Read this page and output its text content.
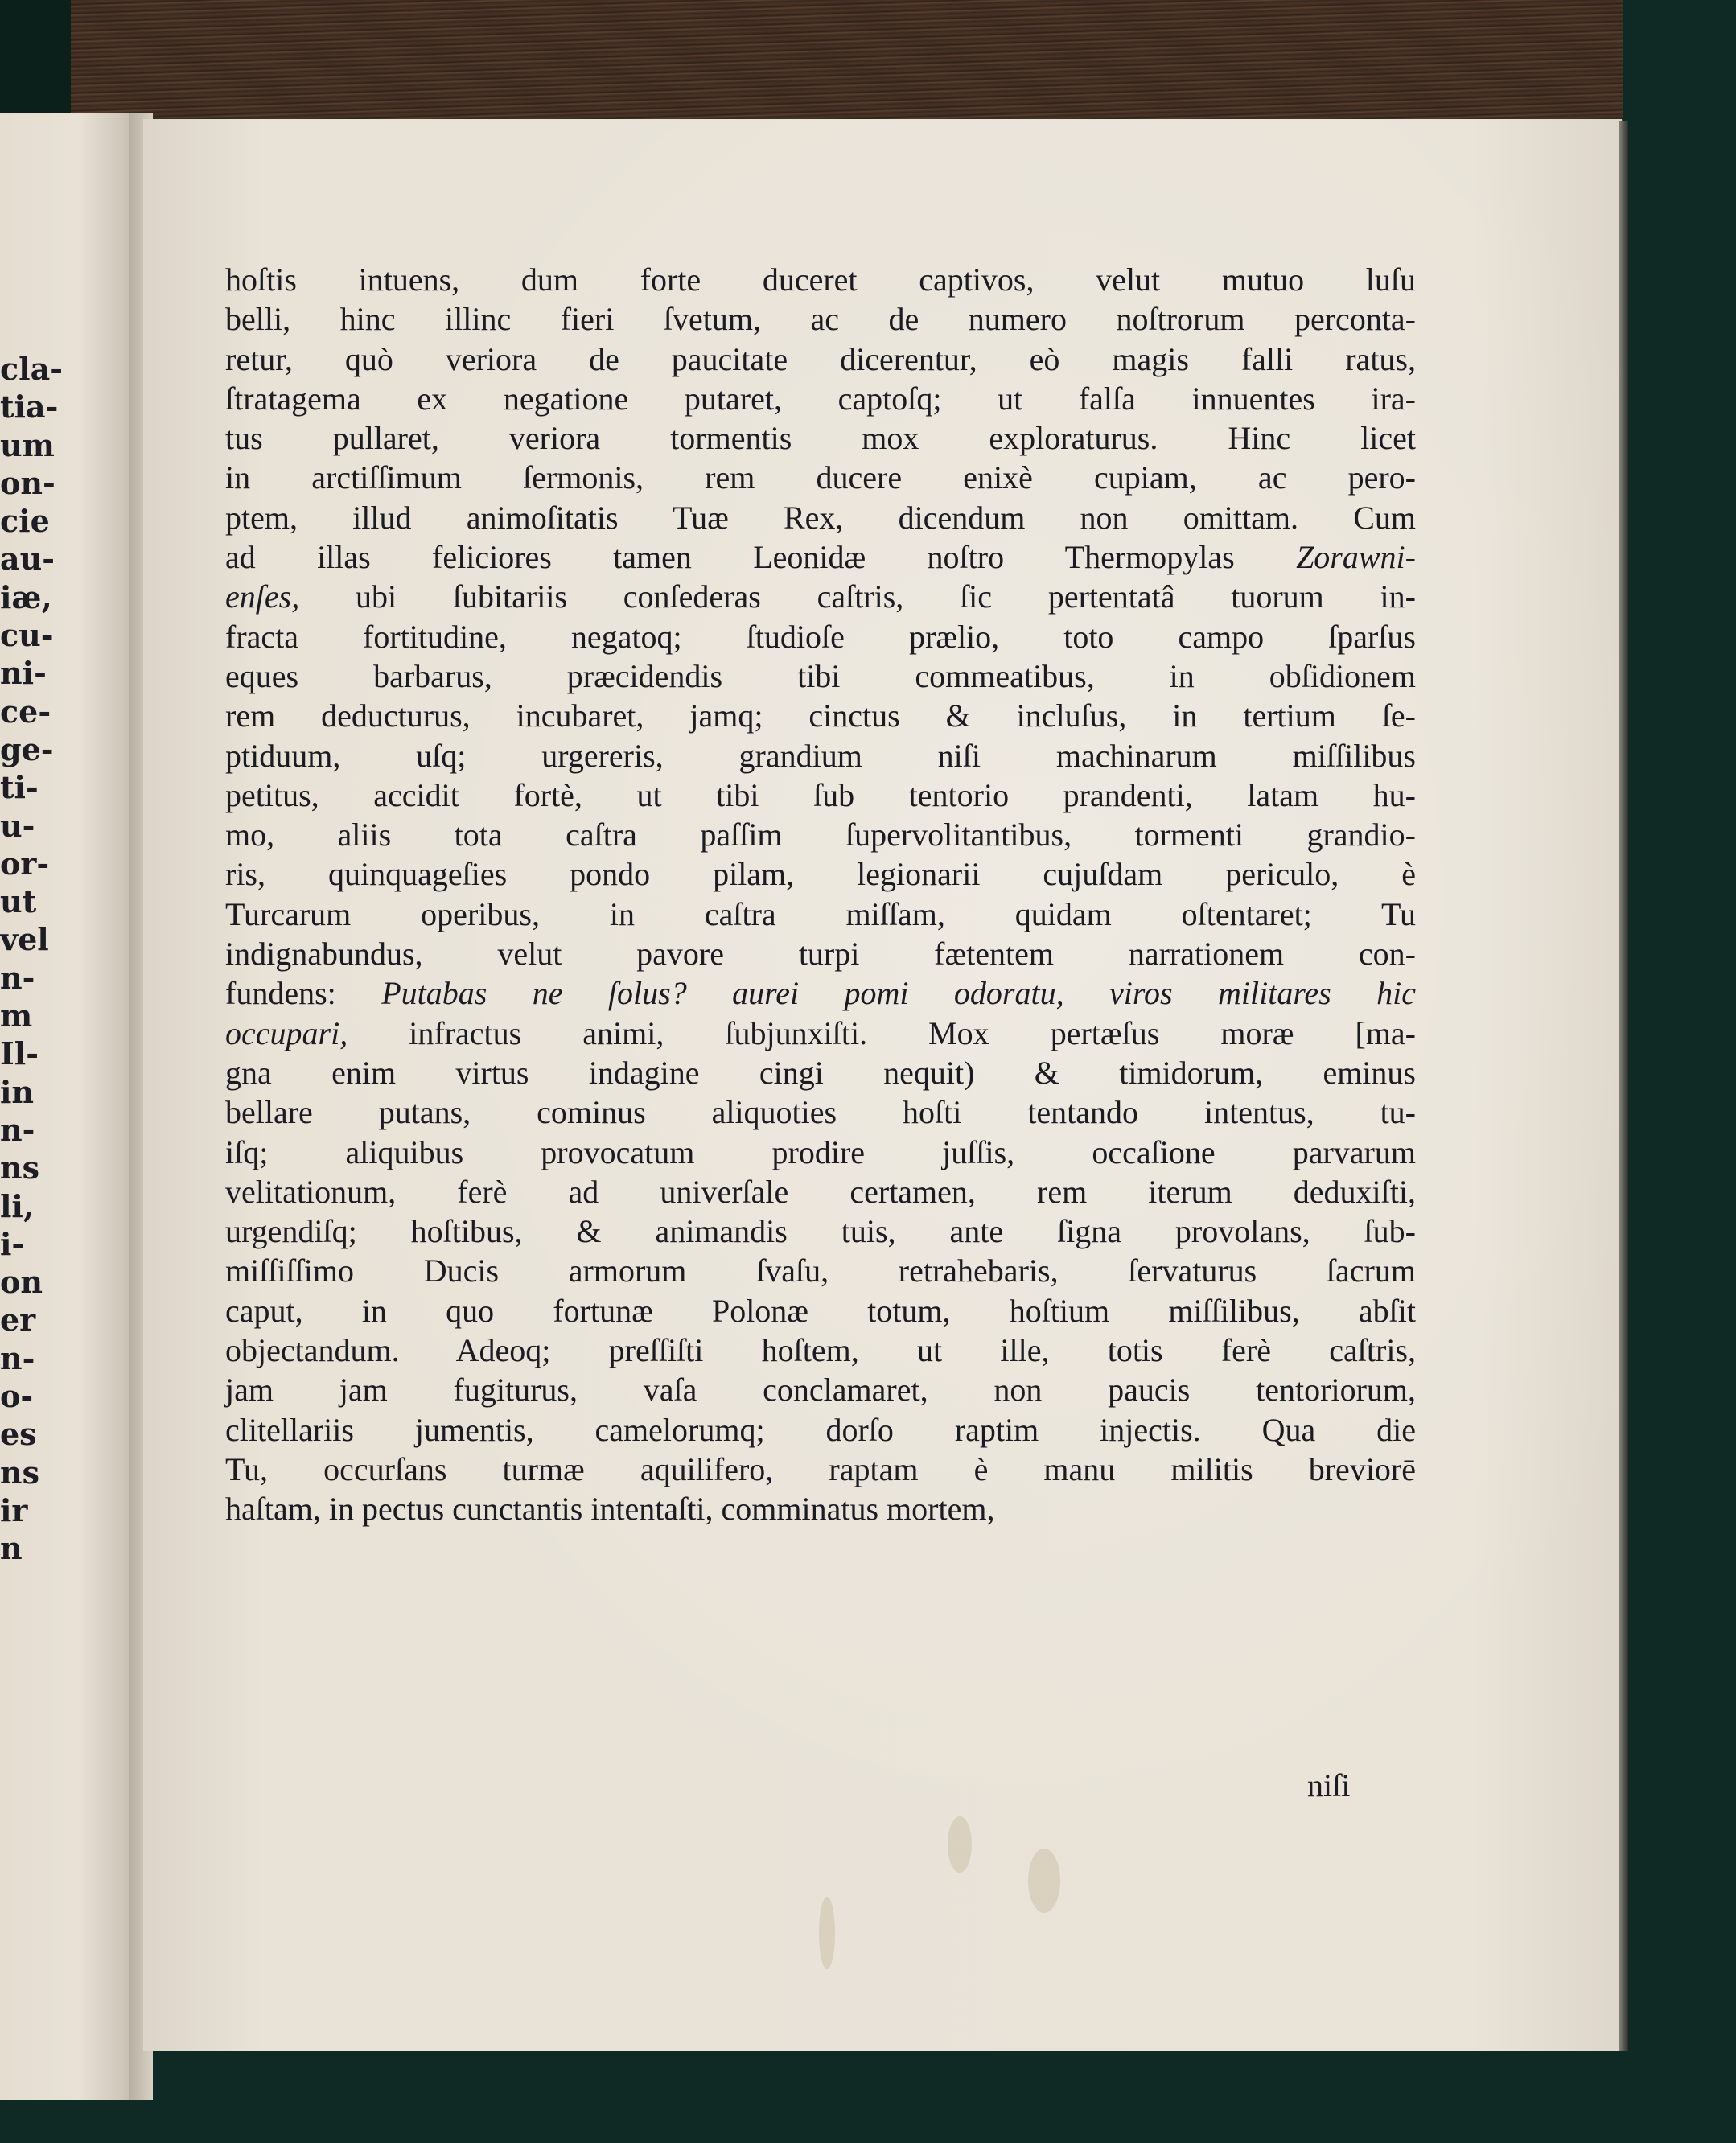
cla-
tia-
um
on-
cie
au-
iæ,
cu-
ni-
ce-
ge-
ti-
u-
or-
ut
vel
n-
m
Il-
in
n-
ns
li,
i-
on
er
n-
o-
es
ns
ir
n
hoſtis intuens, dum forte duceret captivos, velut mutuo luſu
belli, hinc illinc fieri ſvetum, ac de numero noſtrorum perconta-
retur, quò veriora de paucitate dicerentur, eò magis falli ratus,
ſtratagema ex negatione putaret, captoſq; ut falſa innuentes ira-
tus pullaret, veriora tormentis mox exploraturus. Hinc licet
in arctiſſimum ſermonis, rem ducere enixè cupiam, ac pero-
ptem, illud animoſitatis Tuæ Rex, dicendum non omittam. Cum
ad illas feliciores tamen Leonidæ noſtro Thermopylas Zorawni-
enſes, ubi ſubitariis conſederas caſtris, ſic pertentatâ tuorum in-
fracta fortitudine, negatoq; ſtudioſe prælio, toto campo ſparſus
eques barbarus, præcidendis tibi commeatibus, in obſidionem
rem deducturus, incubaret, jamq; cinctus & incluſus, in tertium ſe-
ptiduum, uſq; urgereris, grandium niſi machinarum miſſilibus
petitus, accidit fortè, ut tibi ſub tentorio prandenti, latam hu-
mo, aliis tota caſtra paſſim ſupervolitantibus, tormenti grandio-
ris, quinquageſies pondo pilam, legionarii cujuſdam periculo, è
Turcarum operibus, in caſtra miſſam, quidam oſtentaret; Tu
indignabundus, velut pavore turpi fætentem narrationem con-
fundens: Putabas ne ſolus? aurei pomi odoratu, viros militares hic
occupari, infractus animi, ſubjunxiſti. Mox pertæſus moræ [ma-
gna enim virtus indagine cingi nequit) & timidorum, eminus
bellare putans, cominus aliquoties hoſti tentando intentus, tu-
iſq; aliquibus provocatum prodire juſſis, occaſione parvarum
velitationum, ferè ad univerſale certamen, rem iterum deduxiſti,
urgendiſq; hoſtibus, & animandis tuis, ante ſigna provolans, ſub-
miſſiſſimo Ducis armorum ſvaſu, retrahebaris, ſervaturus ſacrum
caput, in quo fortunæ Polonæ totum, hoſtium miſſilibus, abſit
objectandum. Adeoq; preſſiſti hoſtem, ut ille, totis ferè caſtris,
jam jam fugiturus, vaſa conclamaret, non paucis tentoriorum,
clitellariis jumentis, camelorumq; dorſo raptim injectis. Qua die
Tu, occurſans turmæ aquilifero, raptam è manu militis breviorē
haſtam, in pectus cunctantis intentaſti, comminatus mortem,
niſi
